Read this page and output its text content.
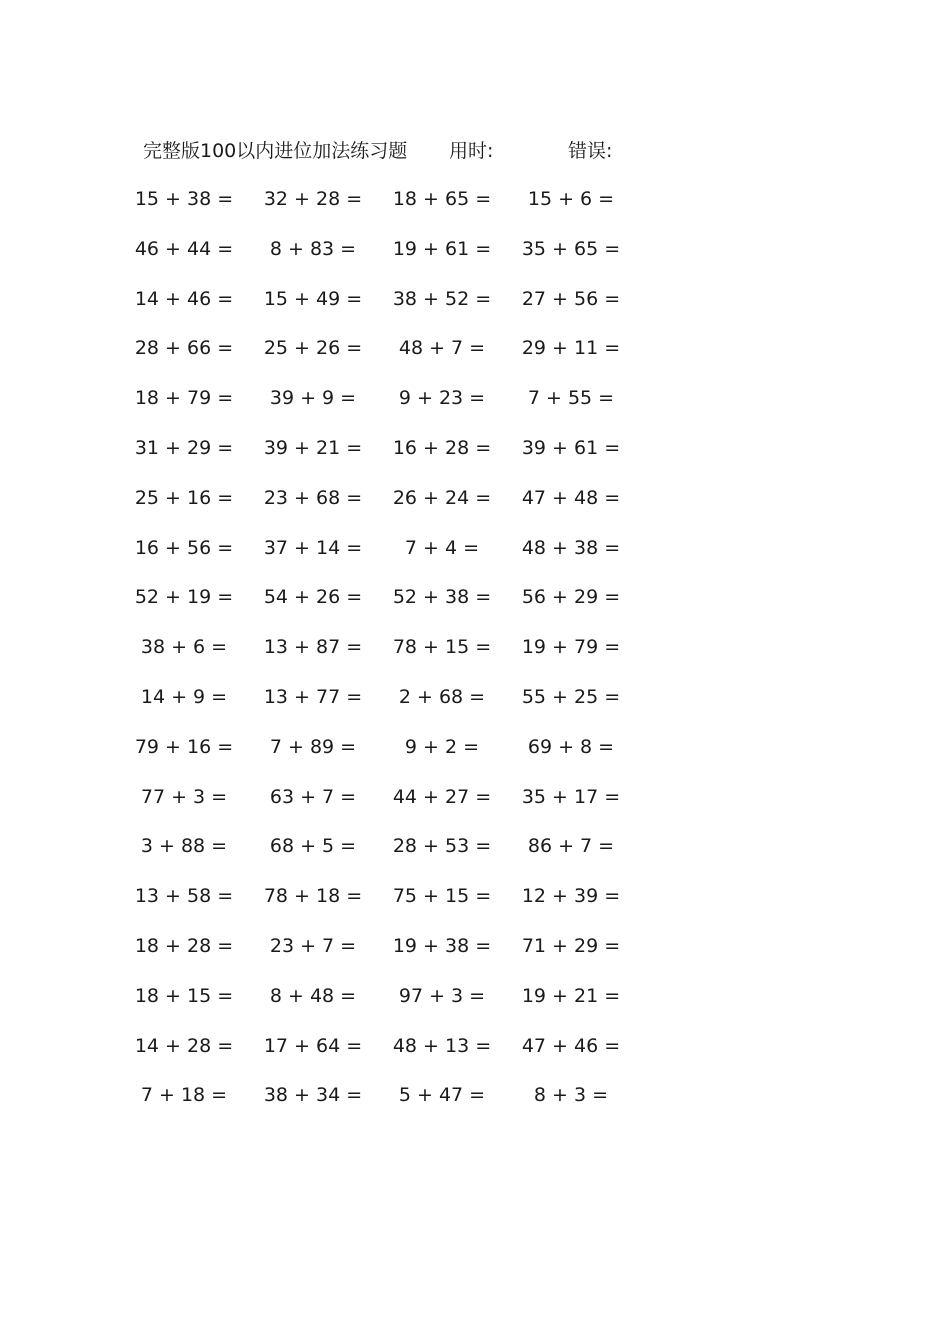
完整版100以内进位加法练习题 用时:	错误:
15 + 38 =	32 + 28 =	18 + 65 =	15 + 6 =
46 + 44 =	8 + 83 =	19 + 61 =	35 + 65 =
14 + 46 =	15 + 49 =	38 + 52 =	27 + 56 =
28 + 66 =	25 + 26 =	48 + 7 =	29 + 11 =
18 + 79 =	39 + 9 =	9 + 23 =	7 + 55 =
31 + 29 =	39 + 21 =	16 + 28 =	39 + 61 =
25 + 16 =	23 + 68 =	26 + 24 =	47 + 48 =
16 + 56 =	37 + 14 =	7 + 4 =	48 + 38 =
52 + 19 =	54 + 26 =	52 + 38 =	56 + 29 =
38 + 6 =	13 + 87 =	78 + 15 =	19 + 79 =
14 + 9 =	13 + 77 =	2 + 68 =	55 + 25 =
79 + 16 =	7 + 89 =	9 + 2 =	69 + 8 =
77 + 3 =	63 + 7 =	44 + 27 =	35 + 17 =
3 + 88 =	68 + 5 =	28 + 53 =	86 + 7 =
13 + 58 =	78 + 18 =	75 + 15 =	12 + 39 =
18 + 28 =	23 + 7 =	19 + 38 =	71 + 29 =
18 + 15 =	8 + 48 =	97 + 3 =	19 + 21 =
14 + 28 =	17 + 64 =	48 + 13 =	47 + 46 =
7 + 18 =	38 + 34 =	5 + 47 =	8 + 3 =
